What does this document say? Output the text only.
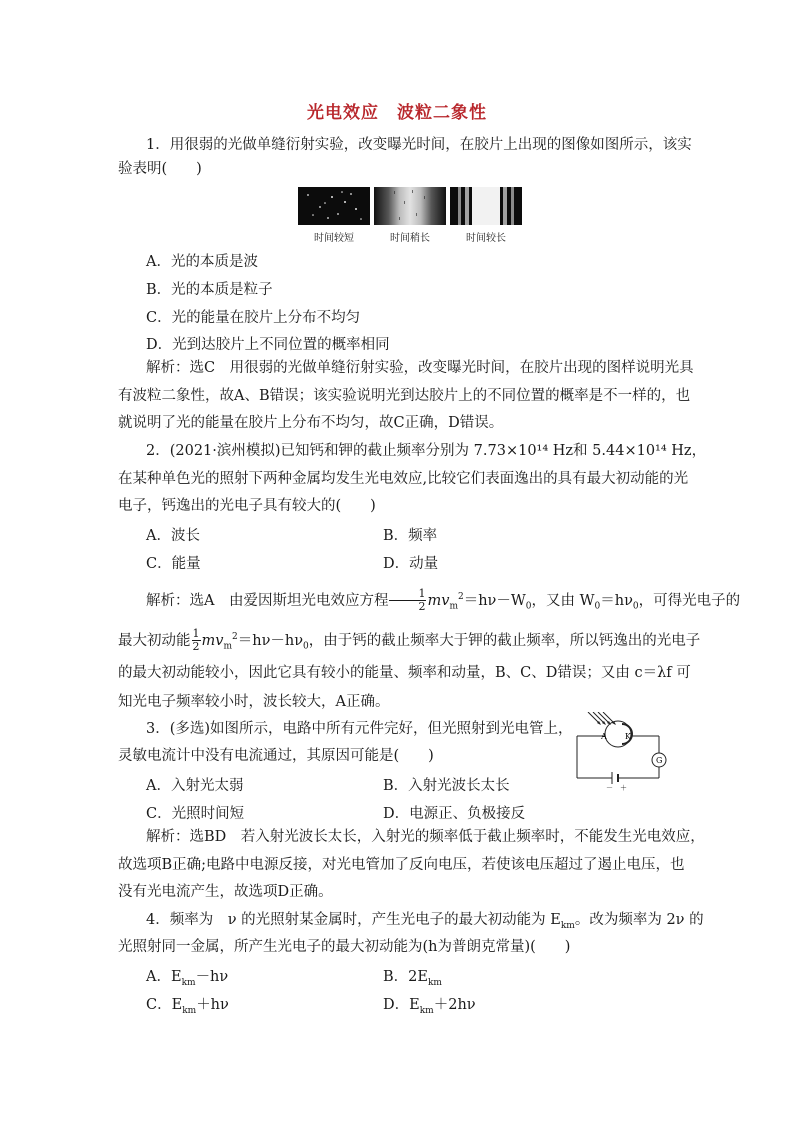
光电效应　波粒二象性
1．用很弱的光做单缝衍射实验，改变曝光时间，在胶片上出现的图像如图所示，该实
验表明(　　)
时间较短	时间稍长	时间较长
A．光的本质是波
B．光的本质是粒子
C．光的能量在胶片上分布不均匀
D．光到达胶片上不同位置的概率相同
解析：选C　用很弱的光做单缝衍射实验，改变曝光时间，在胶片出现的图样说明光具
有波粒二象性，故A、B错误；该实验说明光到达胶片上的不同位置的概率是不一样的，也
就说明了光的能量在胶片上分布不均匀，故C正确，D错误。
2．(2021·滨州模拟)已知钙和钾的截止频率分别为 7.73×10¹⁴ Hz和 5.44×10¹⁴ Hz，
在某种单色光的照射下两种金属均发生光电效应,比较它们表面逸出的具有最大初动能的光
电子，钙逸出的光电子具有较大的(　　)
A．波长	B．频率
C．能量	D．动量
解析：选A　由爱因斯坦光电效应方程 $\frac{1}{2} mv_m^2=h\nu-W_0$，又由 $W_0=h\nu_0$，可得光电子的
最大初动能 $\frac{1}{2} mv_m^2=h\nu-h\nu_0$，由于钙的截止频率大于钾的截止频率，所以钙逸出的光电子
的最大初动能较小，因此它具有较小的能量、频率和动量，B、C、D错误；又由 c＝λf 可
知光电子频率较小时，波长较大，A正确。
3．(多选)如图所示，电路中所有元件完好，但光照射到光电管上，
灵敏电流计中没有电流通过，其原因可能是(　　)
A K
G
－ ＋
A．入射光太弱	B．入射光波长太长
C．光照时间短	D．电源正、负极接反
解析：选BD　若入射光波长太长，入射光的频率低于截止频率时，不能发生光电效应，
故选项B正确;电路中电源反接，对光电管加了反向电压，若使该电压超过了遏止电压，也
没有光电流产生，故选项D正确。
4．频率为　ν 的光照射某金属时，产生光电子的最大初动能为 $E_{km}$。改为频率为 2ν 的
光照射同一金属，所产生光电子的最大初动能为(h为普朗克常量)(　　)
A．$E_{km}-h\nu$	B．$2E_{km}$
C．$E_{km}+h\nu$	D．$E_{km}+2h\nu$
